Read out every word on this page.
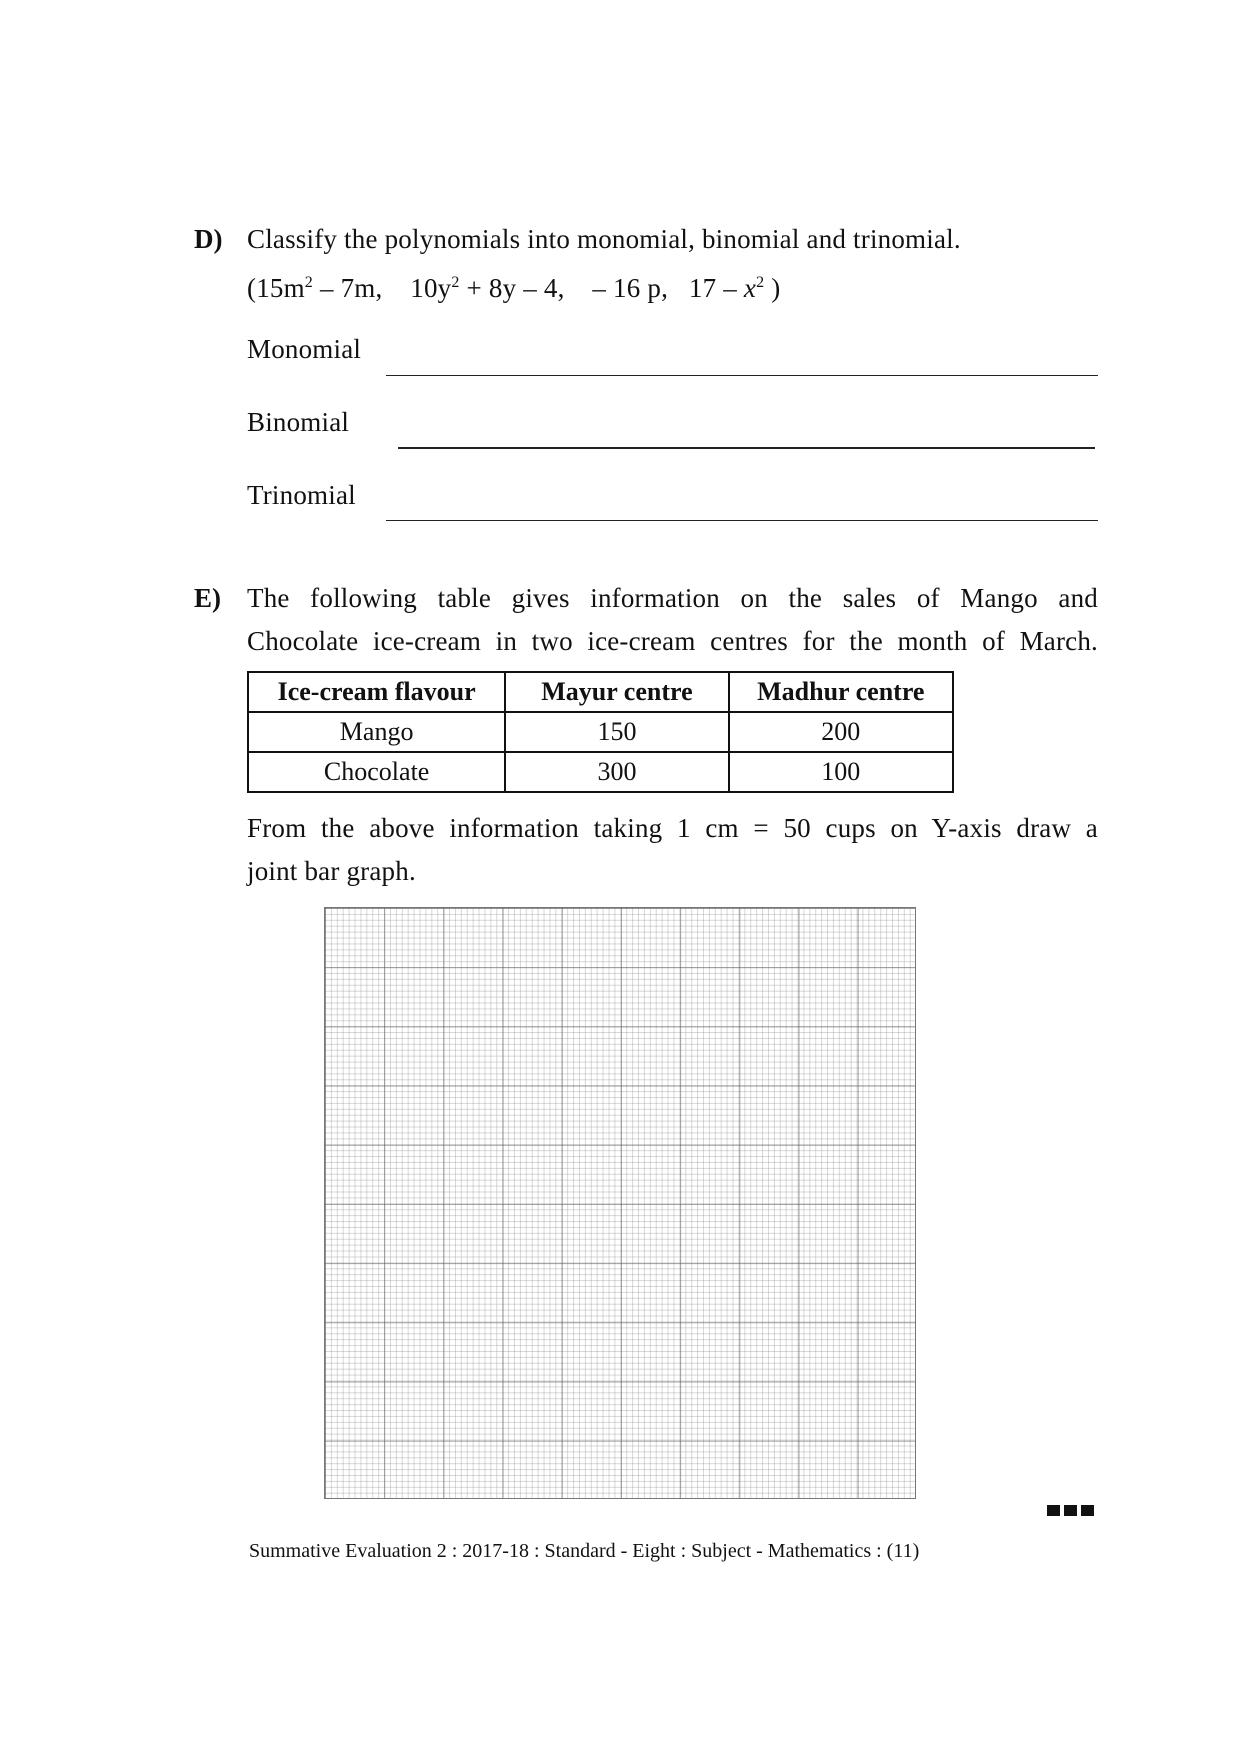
D) Classify the polynomials into monomial, binomial and trinomial.
($15m^2 - 7m$, $10y^2 + 8y - 4$, – 16 p, $17 - x^2$ )
Monomial
Binomial
Trinomial
E) The following table gives information on the sales of Mango and
Chocolate ice-cream in two ice-cream centres for the month of March.
Ice-cream flavour	Mayur centre	Madhur centre
Mango	150	200
Chocolate	300	100
From the above information taking 1 cm = 50 cups on Y-axis draw a
joint bar graph.
Summative Evaluation 2 : 2017-18 : Standard - Eight : Subject - Mathematics : (11)
